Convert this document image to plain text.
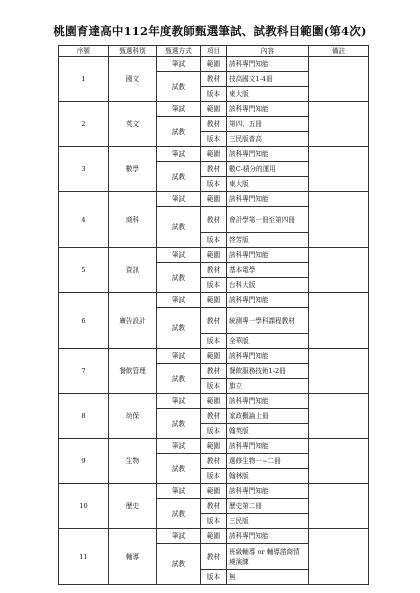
桃園育達高中112年度教師甄選筆試、試教科目範圍(第4次)
序號	甄選科別	甄選方式	項目	內容	備註
1	國文	筆試	範圍	該科專門知能	
		試教	教材	技高國文1-4冊	
			版本	東大版	
2	英文	筆試	範圍	該科專門知能	
		試教	教材	第四、五冊	
			版本	三民版普高	
3	數學	筆試	範圍	該科專門知能	
		試教	教材	數C-積分的運用	
			版本	東大版	
4	商科	筆試	範圍	該科專門知能	
		試教	教材	會計學第一冊至第四冊	
			版本	啓芳版	
5	資訊	筆試	範圍	該科專門知能	
		試教	教材	基本電學	
			版本	台科大版	
6	廣告設計	筆試	範圍	該科專門知能	
		試教	教材	統測專一學科課程教材	
			版本	全華版	
7	餐飲管理	筆試	範圍	該科專門知能	
		試教	教材	餐飲服務技術1-2冊	
			版本	旗立	
8	幼保	筆試	範圍	該科專門知能	
		試教	教材	家政概論上冊	
			版本	翰英版	
9	生物	筆試	範圍	該科專門知能	
		試教	教材	選修生物一~二冊	
			版本	翰林版	
10	歷史	筆試	範圍	該科專門知能	
		試教	教材	歷史第二冊	
			版本	三民版	
11	輔導	筆試	範圍	該科專門知能	
		試教	教材	班級輔導 or 輔導諮商情境演練	
			版本	無	
